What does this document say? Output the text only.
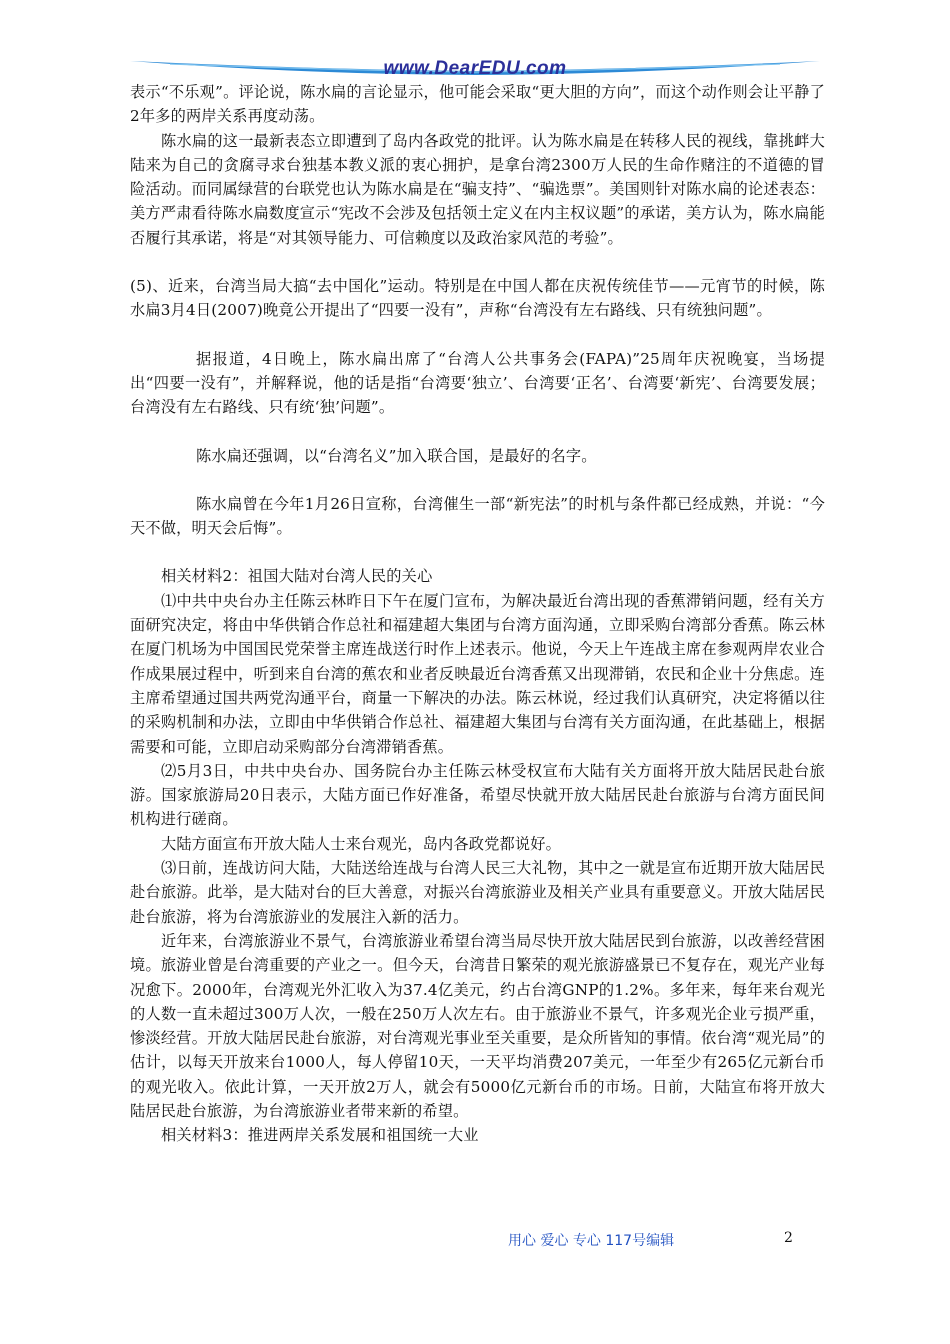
www.DearEDU.com

表示“不乐观”。评论说，陈水扁的言论显示，他可能会采取“更大胆的方向”，而这个动作则会让平静了2年多的两岸关系再度动荡。

陈水扁的这一最新表态立即遭到了岛内各政党的批评。认为陈水扁是在转移人民的视线，靠挑衅大陆来为自己的贪腐寻求台独基本教义派的衷心拥护，是拿台湾2300万人民的生命作赌注的不道德的冒险活动。而同属绿营的台联党也认为陈水扁是在“骗支持”、“骗选票”。美国则针对陈水扁的论述表态：美方严肃看待陈水扁数度宣示“宪改不会涉及包括领土定义在内主权议题”的承诺，美方认为，陈水扁能否履行其承诺，将是“对其领导能力、可信赖度以及政治家风范的考验”。

(5)、近来，台湾当局大搞“去中国化”运动。特别是在中国人都在庆祝传统佳节——元宵节的时候，陈水扁3月4日(2007)晚竟公开提出了“四要一没有”，声称“台湾没有左右路线、只有统独问题”。

据报道，4日晚上，陈水扁出席了“台湾人公共事务会(FAPA)”25周年庆祝晚宴，当场提出“四要一没有”，并解释说，他的话是指“台湾要‘独立’、台湾要‘正名’、台湾要‘新宪’、台湾要发展；台湾没有左右路线、只有统‘独’问题”。

陈水扁还强调，以“台湾名义”加入联合国，是最好的名字。

陈水扁曾在今年1月26日宣称，台湾催生一部“新宪法”的时机与条件都已经成熟，并说：“今天不做，明天会后悔”。

相关材料2：祖国大陆对台湾人民的关心

⑴中共中央台办主任陈云林昨日下午在厦门宣布，为解决最近台湾出现的香蕉滞销问题，经有关方面研究决定，将由中华供销合作总社和福建超大集团与台湾方面沟通，立即采购台湾部分香蕉。陈云林在厦门机场为中国国民党荣誉主席连战送行时作上述表示。他说，今天上午连战主席在参观两岸农业合作成果展过程中，听到来自台湾的蕉农和业者反映最近台湾香蕉又出现滞销，农民和企业十分焦虑。连主席希望通过国共两党沟通平台，商量一下解决的办法。陈云林说，经过我们认真研究，决定将循以往的采购机制和办法，立即由中华供销合作总社、福建超大集团与台湾有关方面沟通，在此基础上，根据需要和可能，立即启动采购部分台湾滞销香蕉。

⑵5月3日，中共中央台办、国务院台办主任陈云林受权宣布大陆有关方面将开放大陆居民赴台旅游。国家旅游局20日表示，大陆方面已作好准备，希望尽快就开放大陆居民赴台旅游与台湾方面民间机构进行磋商。

大陆方面宣布开放大陆人士来台观光，岛内各政党都说好。

⑶日前，连战访问大陆，大陆送给连战与台湾人民三大礼物，其中之一就是宣布近期开放大陆居民赴台旅游。此举，是大陆对台的巨大善意，对振兴台湾旅游业及相关产业具有重要意义。开放大陆居民赴台旅游，将为台湾旅游业的发展注入新的活力。

近年来，台湾旅游业不景气，台湾旅游业希望台湾当局尽快开放大陆居民到台旅游，以改善经营困境。旅游业曾是台湾重要的产业之一。但今天，台湾昔日繁荣的观光旅游盛景已不复存在，观光产业每况愈下。2000年，台湾观光外汇收入为37.4亿美元，约占台湾GNP的1.2%。多年来，每年来台观光的人数一直未超过300万人次，一般在250万人次左右。由于旅游业不景气，许多观光企业亏损严重，惨淡经营。开放大陆居民赴台旅游，对台湾观光事业至关重要，是众所皆知的事情。依台湾“观光局”的估计，以每天开放来台1000人，每人停留10天，一天平均消费207美元，一年至少有265亿元新台币的观光收入。依此计算，一天开放2万人，就会有5000亿元新台币的市场。日前，大陆宣布将开放大陆居民赴台旅游，为台湾旅游业者带来新的希望。

相关材料3：推进两岸关系发展和祖国统一大业

用心 爱心 专心 117号编辑	2
